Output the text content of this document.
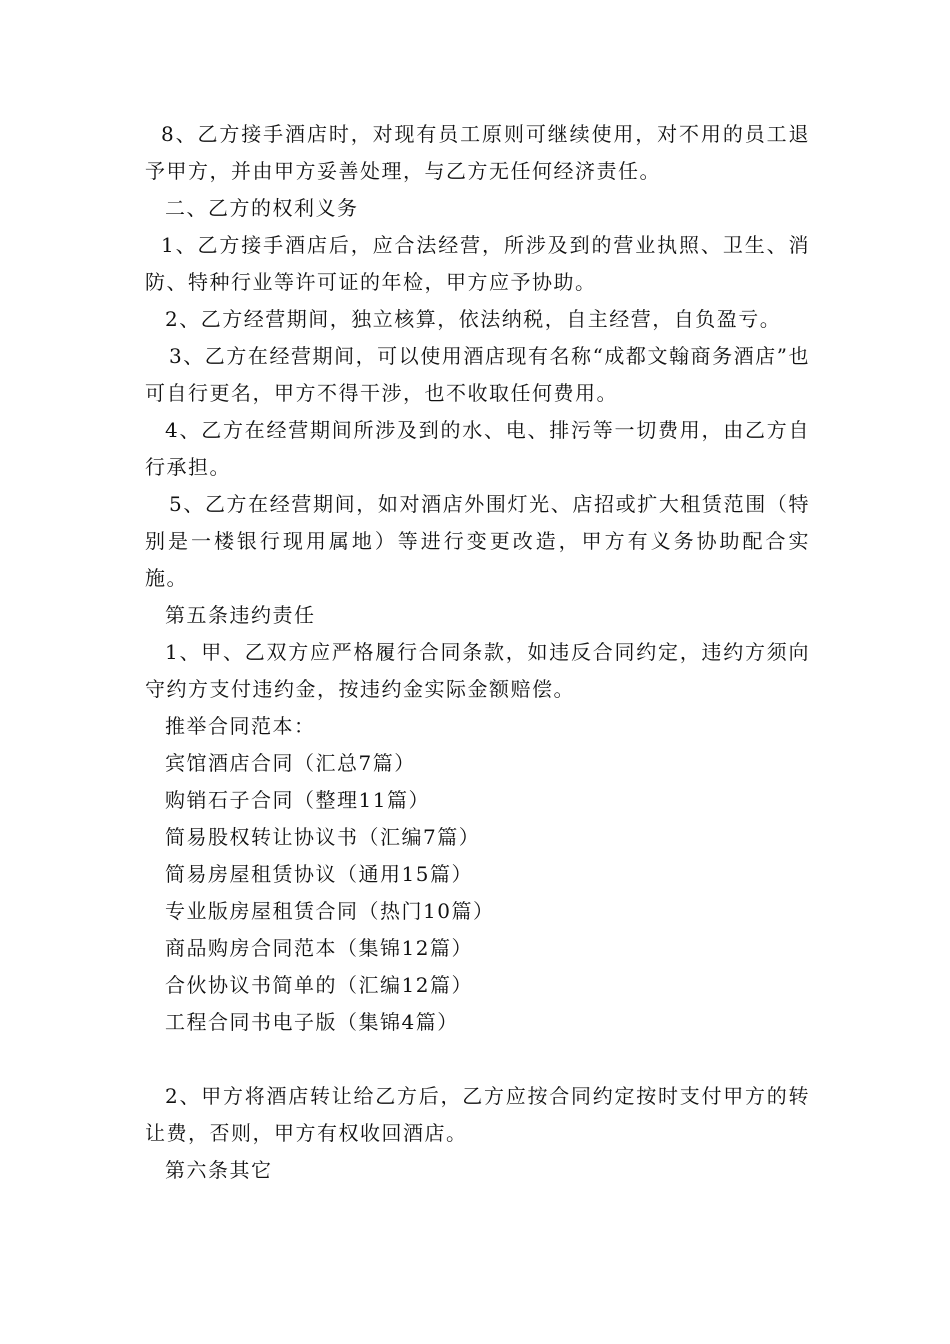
8、乙方接手酒店时，对现有员工原则可继续使用，对不用的员工退予甲方，并由甲方妥善处理，与乙方无任何经济责任。

二、乙方的权利义务

1、乙方接手酒店后，应合法经营，所涉及到的营业执照、卫生、消防、特种行业等许可证的年检，甲方应予协助。

2、乙方经营期间，独立核算，依法纳税，自主经营，自负盈亏。

3、乙方在经营期间，可以使用酒店现有名称“成都文翰商务酒店”也可自行更名，甲方不得干涉，也不收取任何费用。

4、乙方在经营期间所涉及到的水、电、排污等一切费用，由乙方自行承担。

5、乙方在经营期间，如对酒店外围灯光、店招或扩大租赁范围（特别是一楼银行现用属地）等进行变更改造，甲方有义务协助配合实施。

第五条违约责任

1、甲、乙双方应严格履行合同条款，如违反合同约定，违约方须向守约方支付违约金，按违约金实际金额赔偿。

推举合同范本：

宾馆酒店合同（汇总7篇）

购销石子合同（整理11篇）

简易股权转让协议书（汇编7篇）

简易房屋租赁协议（通用15篇）

专业版房屋租赁合同（热门10篇）

商品购房合同范本（集锦12篇）

合伙协议书简单的（汇编12篇）

工程合同书电子版（集锦4篇）

2、甲方将酒店转让给乙方后，乙方应按合同约定按时支付甲方的转让费，否则，甲方有权收回酒店。

第六条其它
